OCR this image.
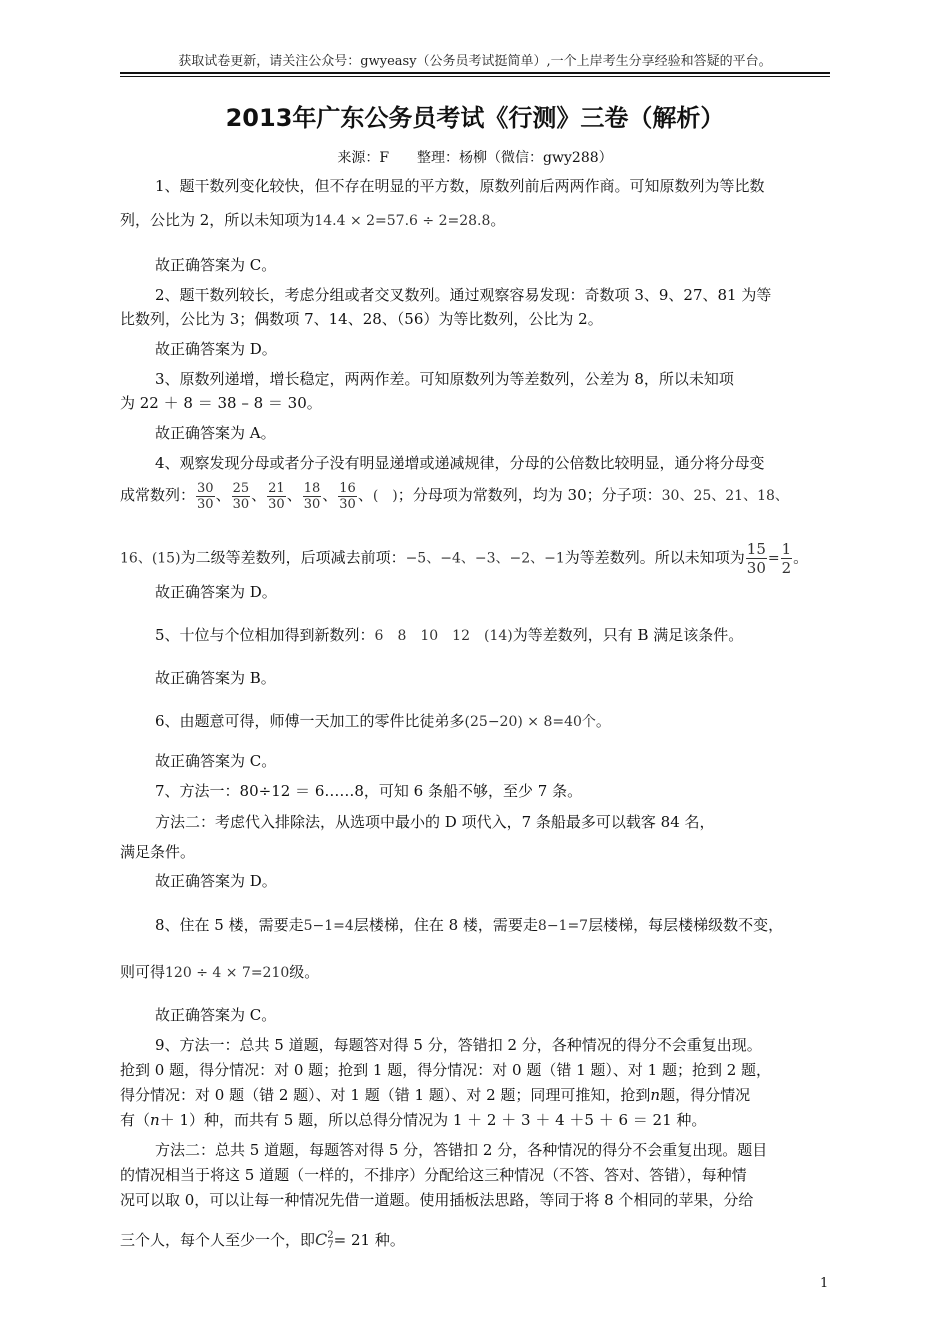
获取试卷更新，请关注公众号：gwyeasy（公务员考试挺简单）,一个上岸考生分享经验和答疑的平台。
2013年广东公务员考试《行测》三卷（解析）
来源：F　　整理：杨柳（微信：gwy288）
1、题干数列变化较快，但不存在明显的平方数，原数列前后两两作商。可知原数列为等比数
列，公比为 2，所以未知项为14.4 × 2=57.6 ÷ 2=28.8。
故正确答案为 C。
2、题干数列较长，考虑分组或者交叉数列。通过观察容易发现：奇数项 3、9、27、81 为等
比数列，公比为 3；偶数项 7、14、28、（56）为等比数列，公比为 2。
故正确答案为 D。
3、原数列递增，增长稳定，两两作差。可知原数列为等差数列，公差为 8，所以未知项
为 22 ＋ 8 ＝ 38 – 8 ＝ 30。
故正确答案为 A。
4、观察发现分母或者分子没有明显递增或递减规律，分母的公倍数比较明显，通分将分母变
成常数列： $\frac{30}{30}$ 、 $\frac{25}{30}$ 、 $\frac{21}{30}$ 、 $\frac{18}{30}$ 、 $\frac{16}{30}$ 、(　)；分母项为常数列，均为 30；分子项：30、25、21、18、
16、(15)为二级等差数列，后项减去前项：−5、−4、−3、−2、−1为等差数列。所以未知项为 $\frac{15}{30} = \frac{1}{2}$ 。
故正确答案为 D。
5、十位与个位相加得到新数列：6　8　10　12　(14)为等差数列，只有 B 满足该条件。
故正确答案为 B。
6、由题意可得，师傅一天加工的零件比徒弟多(25−20) × 8=40个。
故正确答案为 C。
7、方法一：80÷12 ＝ 6……8，可知 6 条船不够，至少 7 条。
方法二：考虑代入排除法，从选项中最小的 D 项代入，7 条船最多可以载客 84 名，
满足条件。
故正确答案为 D。
8、住在 5 楼，需要走5−1=4层楼梯，住在 8 楼，需要走8−1=7层楼梯，每层楼梯级数不变，
则可得120 ÷ 4 × 7=210级。
故正确答案为 C。
9、方法一：总共 5 道题，每题答对得 5 分，答错扣 2 分，各种情况的得分不会重复出现。
抢到 0 题，得分情况：对 0 题；抢到 1 题，得分情况：对 0 题（错 1 题）、对 1 题；抢到 2 题，
得分情况：对 0 题（错 2 题）、对 1 题（错 1 题）、对 2 题；同理可推知，抢到n题，得分情况
有（n＋ 1）种，而共有 5 题，所以总得分情况为 1 ＋ 2 ＋ 3 ＋ 4 ＋5 ＋ 6 ＝ 21 种。
方法二：总共 5 道题，每题答对得 5 分，答错扣 2 分，各种情况的得分不会重复出现。题目
的情况相当于将这 5 道题（一样的，不排序）分配给这三种情况（不答、答对、答错），每种情
况可以取 0，可以让每一种情况先借一道题。使用插板法思路，等同于将 8 个相同的苹果，分给
三个人，每个人至少一个，即C 2
7 = 21 种。
1
